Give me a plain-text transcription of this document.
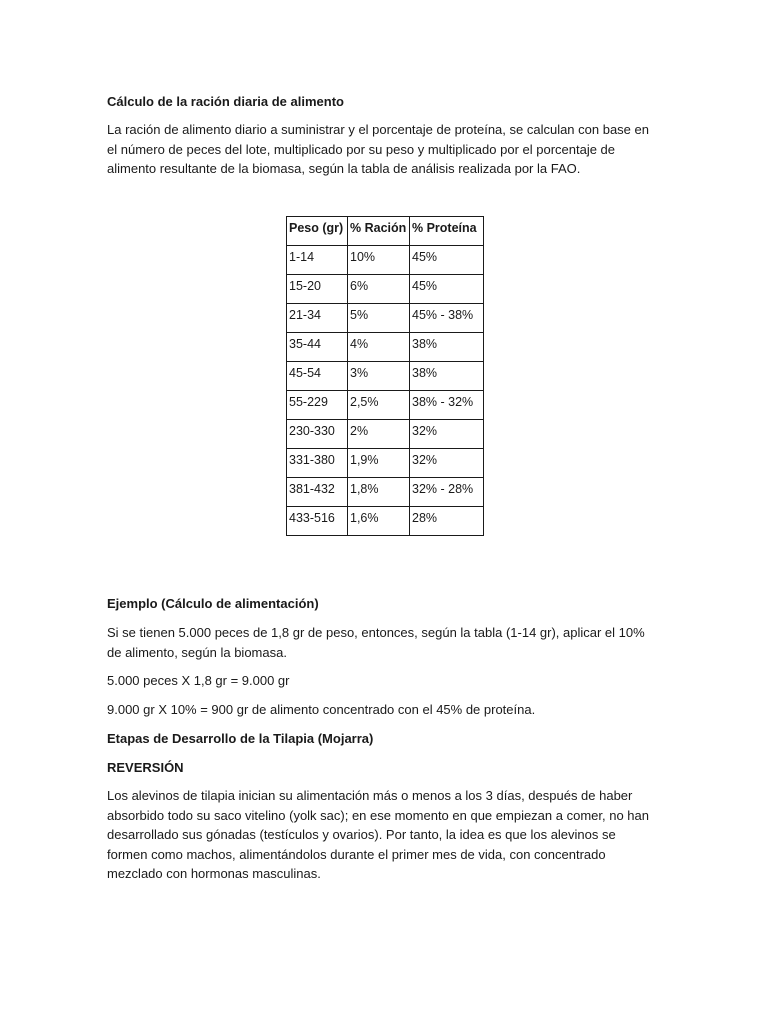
Cálculo de la ración diaria de alimento

La ración de alimento diario a suministrar y el porcentaje de proteína, se calculan con base en el número de peces del lote, multiplicado por su peso y multiplicado por el porcentaje de alimento resultante de la biomasa, según la tabla de análisis realizada por la FAO.

Peso (gr)	% Ración	% Proteína
1-14	10%	45%
15-20	6%	45%
21-34	5%	45% - 38%
35-44	4%	38%
45-54	3%	38%
55-229	2,5%	38% - 32%
230-330	2%	32%
331-380	1,9%	32%
381-432	1,8%	32% - 28%
433-516	1,6%	28%

Ejemplo (Cálculo de alimentación)

Si se tienen 5.000 peces de 1,8 gr de peso, entonces, según la tabla (1-14 gr), aplicar el 10% de alimento, según la biomasa.

5.000 peces X 1,8 gr = 9.000 gr

9.000 gr X 10% = 900 gr de alimento concentrado con el 45% de proteína.

Etapas de Desarrollo de la Tilapia (Mojarra)

REVERSIÓN

Los alevinos de tilapia inician su alimentación más o menos a los 3 días, después de haber absorbido todo su saco vitelino (yolk sac); en ese momento en que empiezan a comer, no han desarrollado sus gónadas (testículos y ovarios). Por tanto, la idea es que los alevinos se formen como machos, alimentándolos durante el primer mes de vida, con concentrado mezclado con hormonas masculinas.
